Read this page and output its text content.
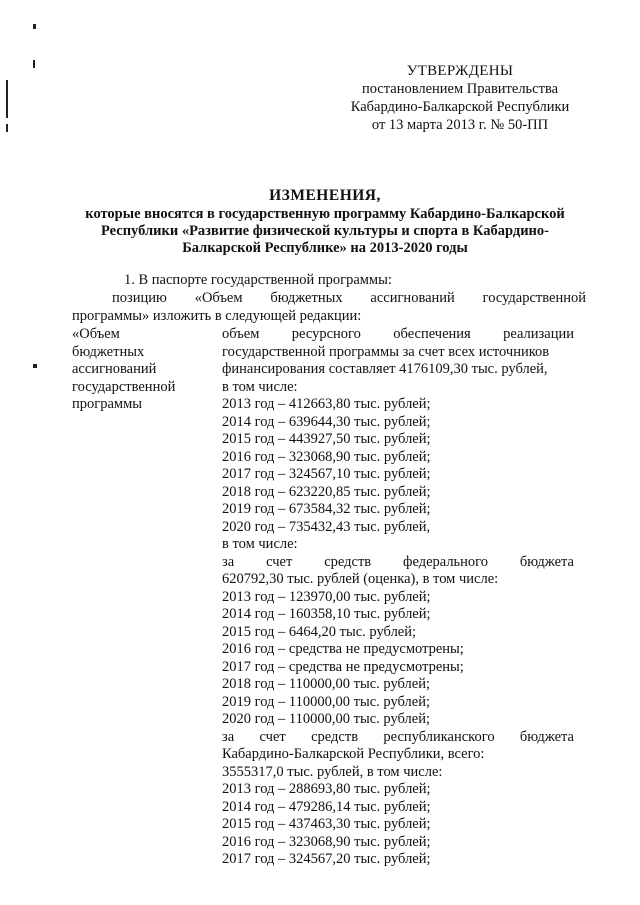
УТВЕРЖДЕНЫ
постановлением Правительства
Кабардино-Балкарской Республики
от 13 марта 2013 г. № 50-ПП
ИЗМЕНЕНИЯ,
которые вносятся в государственную программу Кабардино-Балкарской
Республики «Развитие физической культуры и спорта в Кабардино-
Балкарской Республике» на 2013-2020 годы
1. В паспорте государственной программы:
позицию «Объем бюджетных ассигнований государственной
программы» изложить в следующей редакции:
«Объем
бюджетных
ассигнований
государственной
программы
объем ресурсного обеспечения реализации
государственной программы за счет всех источников
финансирования составляет 4176109,30 тыс. рублей,
в том числе:
2013 год – 412663,80 тыс. рублей;
2014 год – 639644,30 тыс. рублей;
2015 год – 443927,50 тыс. рублей;
2016 год – 323068,90 тыс. рублей;
2017 год – 324567,10 тыс. рублей;
2018 год – 623220,85 тыс. рублей;
2019 год – 673584,32 тыс. рублей;
2020 год – 735432,43 тыс. рублей,
в том числе:
за счет средств федерального бюджета
620792,30 тыс. рублей (оценка), в том числе:
2013 год – 123970,00 тыс. рублей;
2014 год – 160358,10 тыс. рублей;
2015 год – 6464,20 тыс. рублей;
2016 год – средства не предусмотрены;
2017 год – средства не предусмотрены;
2018 год – 110000,00 тыс. рублей;
2019 год – 110000,00 тыс. рублей;
2020 год – 110000,00 тыс. рублей;
за счет средств республиканского бюджета
Кабардино-Балкарской Республики, всего:
3555317,0 тыс. рублей, в том числе:
2013 год – 288693,80 тыс. рублей;
2014 год – 479286,14 тыс. рублей;
2015 год – 437463,30 тыс. рублей;
2016 год – 323068,90 тыс. рублей;
2017 год – 324567,20 тыс. рублей;
